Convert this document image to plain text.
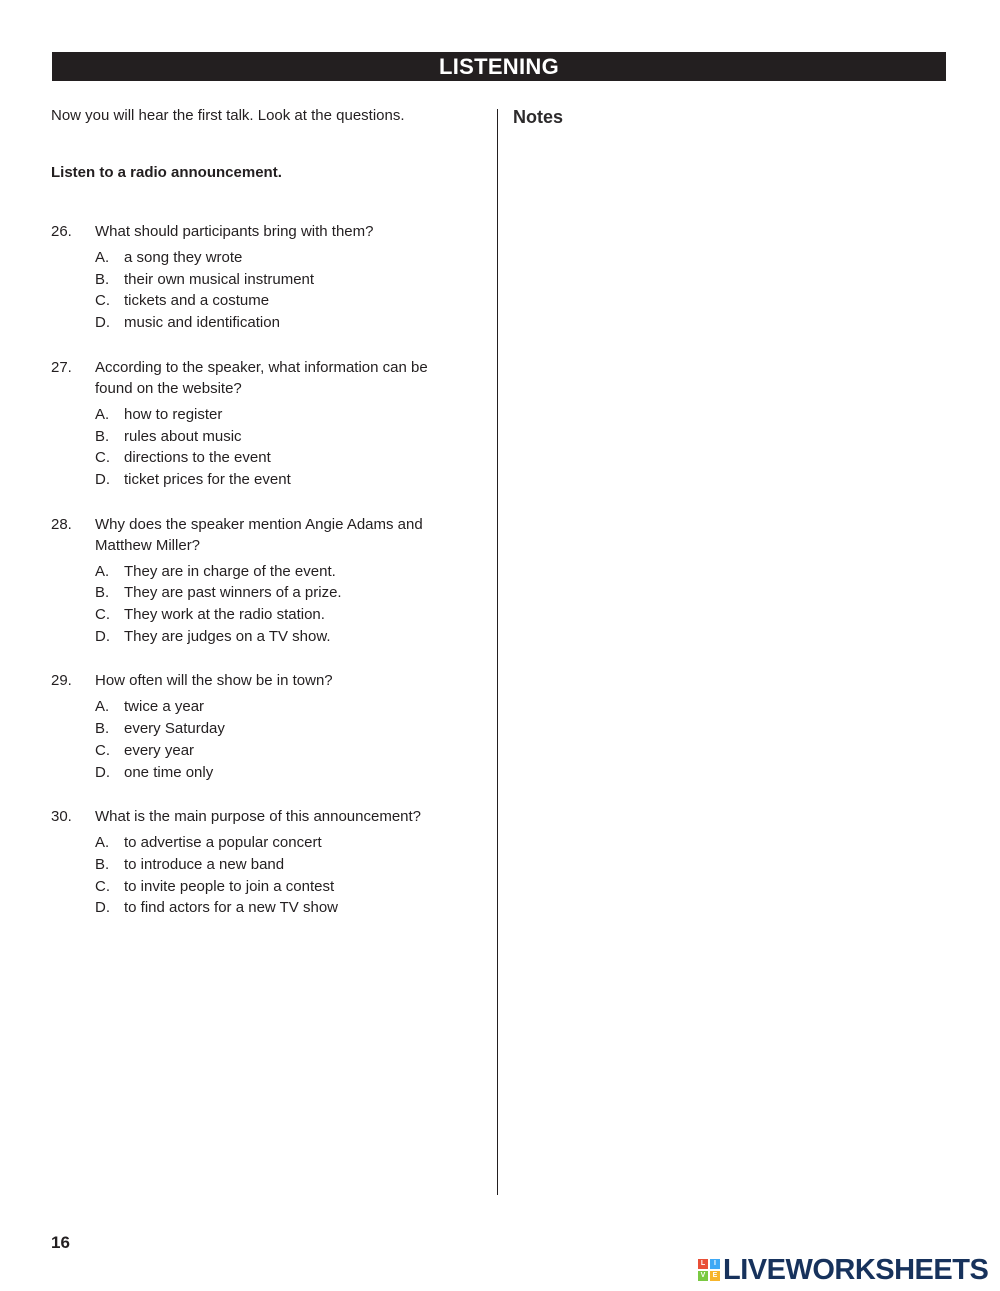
LISTENING

Now you will hear the first talk. Look at the questions.

Listen to a radio announcement.

26.	What should participants bring with them?
A. a song they wrote
B. their own musical instrument
C. tickets and a costume
D. music and identification
27.	According to the speaker, what information can be found on the website?
A. how to register
B. rules about music
C. directions to the event
D. ticket prices for the event
28.	Why does the speaker mention Angie Adams and Matthew Miller?
A. They are in charge of the event.
B. They are past winners of a prize.
C. They work at the radio station.
D. They are judges on a TV show.
29.	How often will the show be in town?
A. twice a year
B. every Saturday
C. every year
D. one time only
30.	What is the main purpose of this announcement?
A. to advertise a popular concert
B. to introduce a new band
C. to invite people to join a contest
D. to find actors for a new TV show
Notes
16
L	I
V	E LIVEWORKSHEETS
